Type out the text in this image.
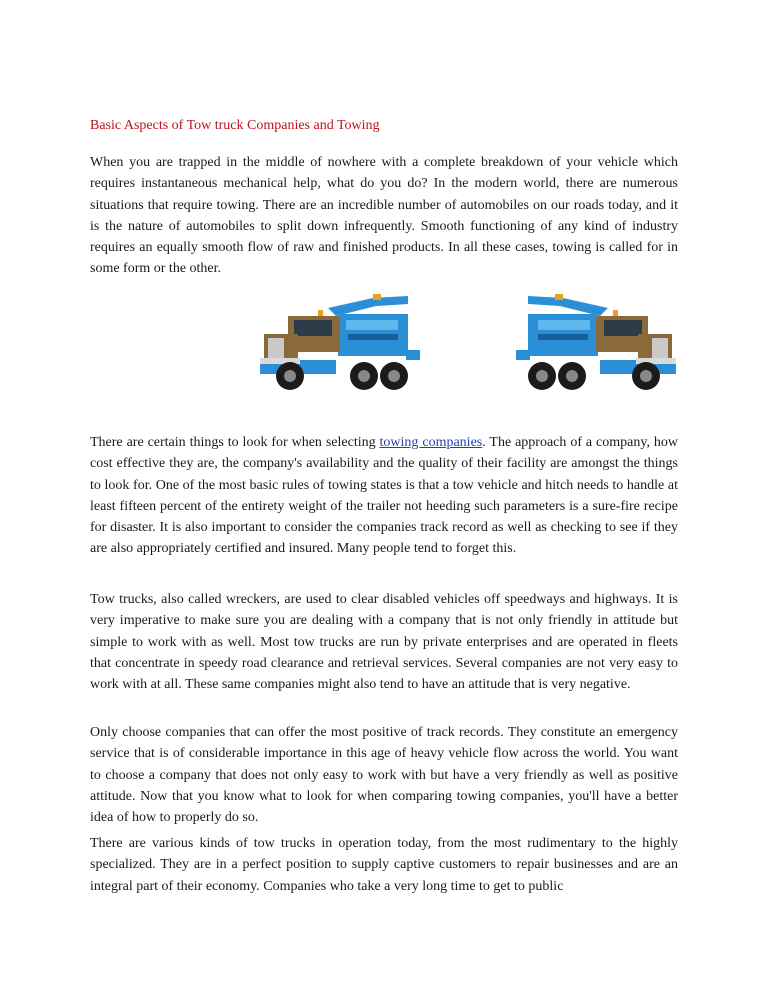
Basic Aspects of Tow truck Companies and Towing

When you are trapped in the middle of nowhere with a complete breakdown of your vehicle which requires instantaneous mechanical help, what do you do? In the modern world, there are numerous situations that require towing. There are an incredible number of automobiles on our roads today, and it is the nature of automobiles to split down infrequently. Smooth functioning of any kind of industry requires an equally smooth flow of raw and finished products. In all these cases, towing is called for in some form or the other.

There are certain things to look for when selecting towing companies. The approach of a company, how cost effective they are, the company's availability and the quality of their facility are amongst the things to look for. One of the most basic rules of towing states is that a tow vehicle and hitch needs to handle at least fifteen percent of the entirety weight of the trailer not heeding such parameters is a sure-fire recipe for disaster. It is also important to consider the companies track record as well as checking to see if they are also appropriately certified and insured. Many people tend to forget this.

Tow trucks, also called wreckers, are used to clear disabled vehicles off speedways and highways. It is very imperative to make sure you are dealing with a company that is not only friendly in attitude but simple to work with as well. Most tow trucks are run by private enterprises and are operated in fleets that concentrate in speedy road clearance and retrieval services. Several companies are not very easy to work with at all. These same companies might also tend to have an attitude that is very negative.

Only choose companies that can offer the most positive of track records. They constitute an emergency service that is of considerable importance in this age of heavy vehicle flow across the world. You want to choose a company that does not only easy to work with but have a very friendly as well as positive attitude. Now that you know what to look for when comparing towing companies, you'll have a better idea of how to properly do so.

There are various kinds of tow trucks in operation today, from the most rudimentary to the highly specialized. They are in a perfect position to supply captive customers to repair businesses and are an integral part of their economy. Companies who take a very long time to get to public
